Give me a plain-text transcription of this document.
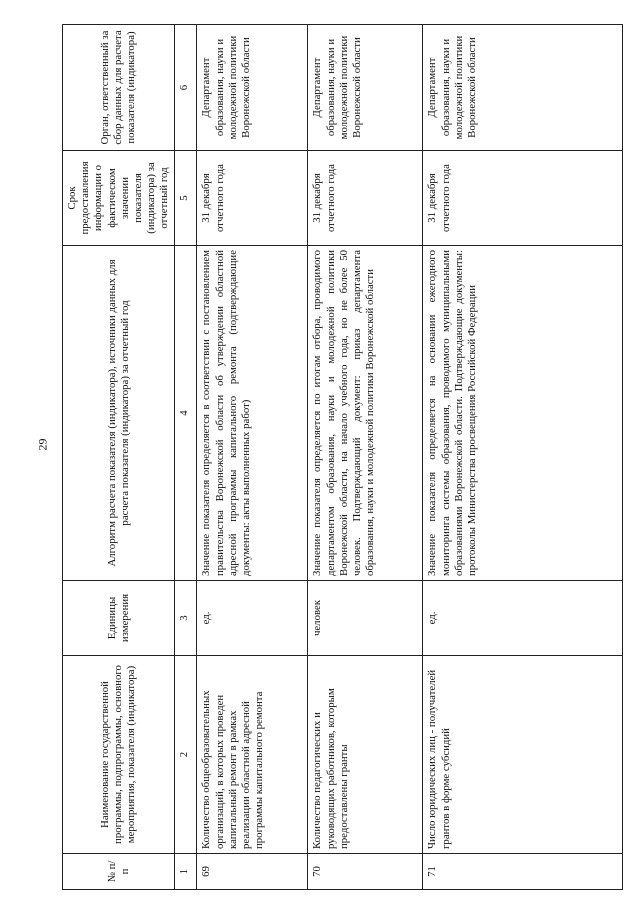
29
№ п/п	Наименование государственной программы, подпрограммы, основного мероприятия, показателя (индикатора)	Единицы измерения	Алгоритм расчета показателя (индикатора), источники данных для расчета показателя (индикатора) за отчетный год	Срок предоставления информации о фактическом значении показателя (индикатора) за отчетный год	Орган, ответственный за сбор данных для расчета показателя (индикатора)
1	2	3	4	5	6
69	Количество общеобразовательных организаций, в которых проведен капитальный ремонт в рамках реализации областной адресной программы капитального ремонта	ед.	Значение показателя определяется в соответствии с постановлением правительства Воронежской области об утверждении областной адресной программы капитального ремонта (подтверждающие документы: акты выполненных работ)	31 декабря отчетного года	Департамент образования, науки и молодежной политики Воронежской области
70	Количество педагогических и руководящих работников, которым предоставлены гранты	человек	Значение показателя определяется по итогам отбора, проводимого департаментом образования, науки и молодежной политики Воронежской области, на начало учебного года, но не более 50 человек. Подтверждающий документ: приказ департамента образования, науки и молодежной политики Воронежской области	31 декабря отчетного года	Департамент образования, науки и молодежной политики Воронежской области
71	Число юридических лиц - получателей грантов в форме субсидий	ед.	Значение показателя определяется на основании ежегодного мониторинга системы образования, проводимого муниципальными образованиями Воронежской области. Подтверждающие документы: протоколы Министерства просвещения Российской Федерации	31 декабря отчетного года	Департамент образования, науки и молодежной политики Воронежской области
